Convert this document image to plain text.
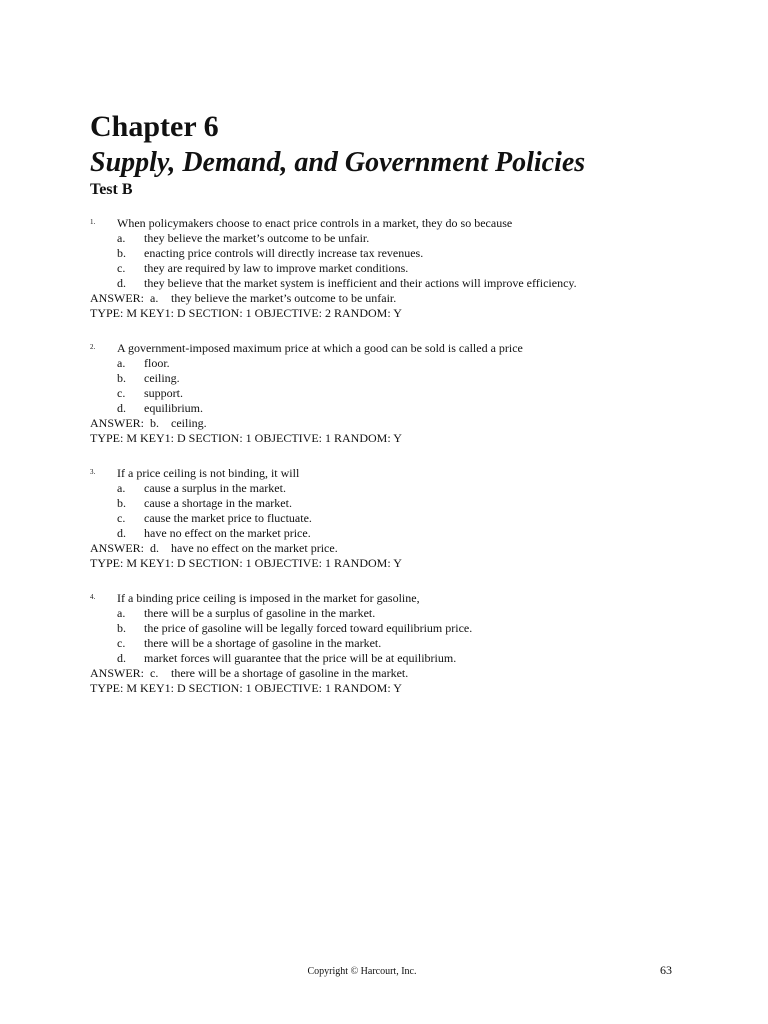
Chapter 6
Supply, Demand, and Government Policies
Test B
1.	When policymakers choose to enact price controls in a market, they do so because
a.	they believe the market’s outcome to be unfair.
b.	enacting price controls will directly increase tax revenues.
c.	they are required by law to improve market conditions.
d.	they believe that the market system is inefficient and their actions will improve efficiency.
ANSWER: a.	they believe the market’s outcome to be unfair.
TYPE: M KEY1: D SECTION: 1 OBJECTIVE: 2 RANDOM: Y
2.	A government-imposed maximum price at which a good can be sold is called a price
a.	floor.
b.	ceiling.
c.	support.
d.	equilibrium.
ANSWER: b.	ceiling.
TYPE: M KEY1: D SECTION: 1 OBJECTIVE: 1 RANDOM: Y
3.	If a price ceiling is not binding, it will
a.	cause a surplus in the market.
b.	cause a shortage in the market.
c.	cause the market price to fluctuate.
d.	have no effect on the market price.
ANSWER: d.	have no effect on the market price.
TYPE: M KEY1: D SECTION: 1 OBJECTIVE: 1 RANDOM: Y
4.	If a binding price ceiling is imposed in the market for gasoline,
a.	there will be a surplus of gasoline in the market.
b.	the price of gasoline will be legally forced toward equilibrium price.
c.	there will be a shortage of gasoline in the market.
d.	market forces will guarantee that the price will be at equilibrium.
ANSWER: c.	there will be a shortage of gasoline in the market.
TYPE: M KEY1: D SECTION: 1 OBJECTIVE: 1 RANDOM: Y
Copyright © Harcourt, Inc.	63
